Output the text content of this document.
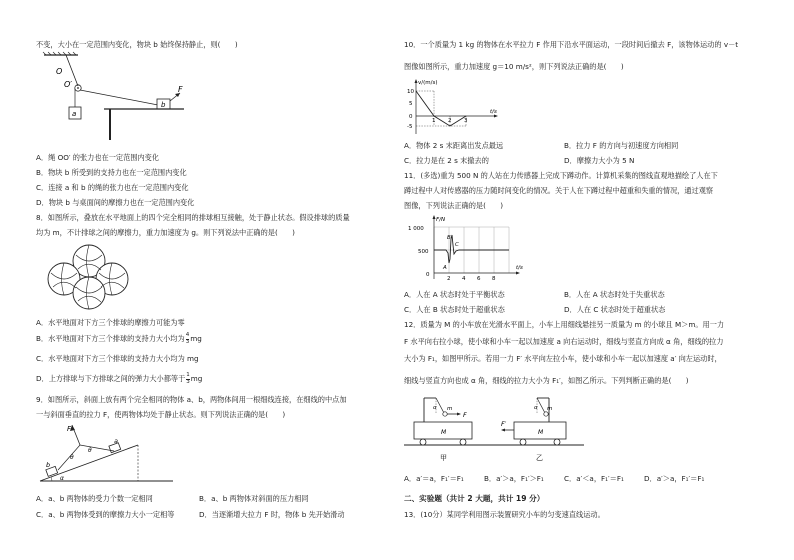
不变，大小在一定范围内变化，物块 b 始终保持静止，则(　　)
O
O′
a
b
F
A．绳 OO′ 的张力也在一定范围内变化
B．物块 b 所受到的支持力也在一定范围内变化
C．连接 a 和 b 的绳的张力也在一定范围内变化
D．物块 b 与桌面间的摩擦力也在一定范围内变化
8．如图所示，叠放在水平地面上的四个完全相同的排球相互接触，处于静止状态。假设排球的质量
均为 m，不计排球之间的摩擦力，重力加速度为 g。则下列说法中正确的是(　　)
A．水平地面对下方三个排球的摩擦力可能为零
B．水平地面对下方三个排球的支持力大小均为 $\frac{4}{3}$ mg
C．水平地面对下方三个排球的支持力大小均为 mg
D．上方排球与下方排球之间的弹力大小都等于 $\frac{1}{3}$ mg
9．如图所示，斜面上放有两个完全相同的物体 a、b，两物体间用一根细线连接，在细线的中点加
一与斜面垂直的拉力 F，使两物体均处于静止状态。则下列说法正确的是(　　)
F
a
b
θ
θ
α
A．a、b 两物体的受力个数一定相同	B．a、b 两物体对斜面的压力相同
C．a、b 两物体受到的摩擦力大小一定相等	D．当逐渐增大拉力 F 时，物体 b 先开始滑动
10．一个质量为 1 kg 的物体在水平拉力 F 作用下沿水平面运动，一段时间后撤去 F，该物体运动的 v－t
图像如图所示，重力加速度 g＝10 m/s²，则下列说法正确的是(　　)
v/(m/s)
t/s
10
5
0
-5
1 2 3
A．物体 2 s 末距离出发点最远	B．拉力 F 的方向与初速度方向相同
C．拉力是在 2 s 末撤去的	D．摩擦力大小为 5 N
11．(多选)重为 500 N 的人站在力传感器上完成下蹲动作。计算机采集的图线直观地描绘了人在下
蹲过程中人对传感器的压力随时间变化的情况。关于人在下蹲过程中超重和失重的情况，通过观察
图像，下列说法正确的是(　　)
F/N
t/s
1 000
500
0
2 4 6 8
A
B
C
A．人在 A 状态时处于平衡状态	B．人在 A 状态时处于失重状态
C．人在 B 状态时处于超重状态	D．人在 C 状态时处于超重状态
12．质量为 M 的小车放在光滑水平面上，小车上用细线悬挂另一质量为 m 的小球且 M＞m。用一力
F 水平向右拉小球，使小球和小车一起以加速度 a 向右运动时，细线与竖直方向成 α 角，细线的拉力
大小为 F₁，如图甲所示。若用一力 F′ 水平向左拉小车，使小球和小车一起以加速度 a′ 向左运动时，
细线与竖直方向也成 α 角，细线的拉力大小为 F₁′，如图乙所示。下列判断正确的是(　　)
α m
F
M
甲
α m
F′
M
乙
A．a′＝a，F₁′＝F₁	B．a′＞a，F₁′＞F₁	C．a′＜a，F₁′＝F₁	D．a′＞a，F₁′＝F₁
二、实验题（共计 2 大题，共计 19 分）
13．(10分）某同学利用图示装置研究小车的匀变速直线运动。
